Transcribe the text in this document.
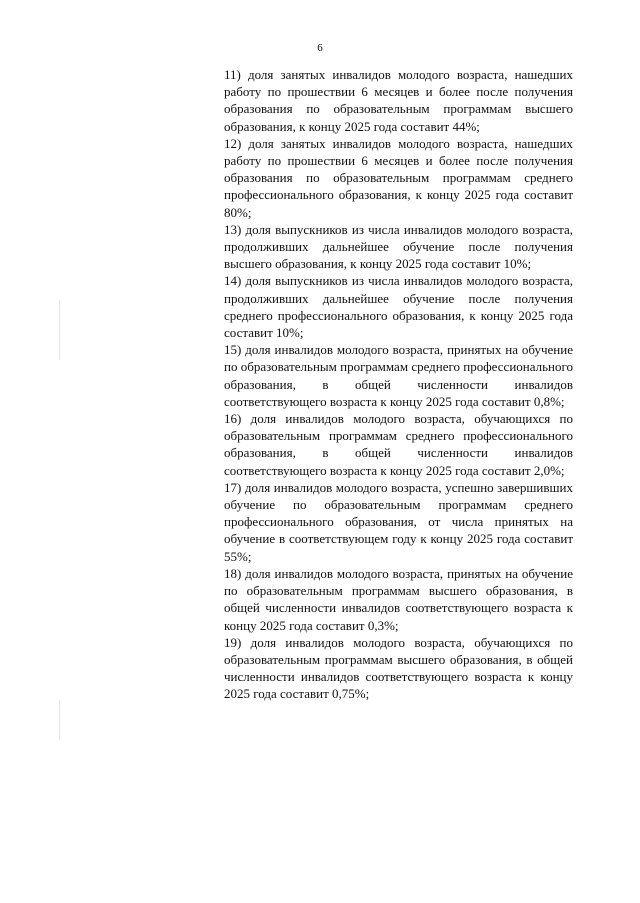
6

11) доля занятых инвалидов молодого возраста, нашедших работу по прошествии 6 месяцев и более после получения образования по образовательным программам высшего образования, к концу 2025 года составит 44%;

12) доля занятых инвалидов молодого возраста, нашедших работу по прошествии 6 месяцев и более после получения образования по образовательным программам среднего профессионального образования, к концу 2025 года составит 80%;

13) доля выпускников из числа инвалидов молодого возраста, продолживших дальнейшее обучение после получения высшего образования, к концу 2025 года составит 10%;

14) доля выпускников из числа инвалидов молодого возраста, продолживших дальнейшее обучение после получения среднего профессионального образования, к концу 2025 года составит 10%;

15) доля инвалидов молодого возраста, принятых на обучение по образовательным программам среднего профессионального образования, в общей численности инвалидов соответствующего возраста к концу 2025 года составит 0,8%;

16) доля инвалидов молодого возраста, обучающихся по образовательным программам среднего профессионального образования, в общей численности инвалидов соответствующего возраста к концу 2025 года составит 2,0%;

17) доля инвалидов молодого возраста, успешно завершивших обучение по образовательным программам среднего профессионального образования, от числа принятых на обучение в соответствующем году к концу 2025 года составит 55%;

18) доля инвалидов молодого возраста, принятых на обучение по образовательным программам высшего образования, в общей численности инвалидов соответствующего возраста к концу 2025 года составит 0,3%;

19) доля инвалидов молодого возраста, обучающихся по образовательным программам высшего образования, в общей численности инвалидов соответствующего возраста к концу 2025 года составит 0,75%;
